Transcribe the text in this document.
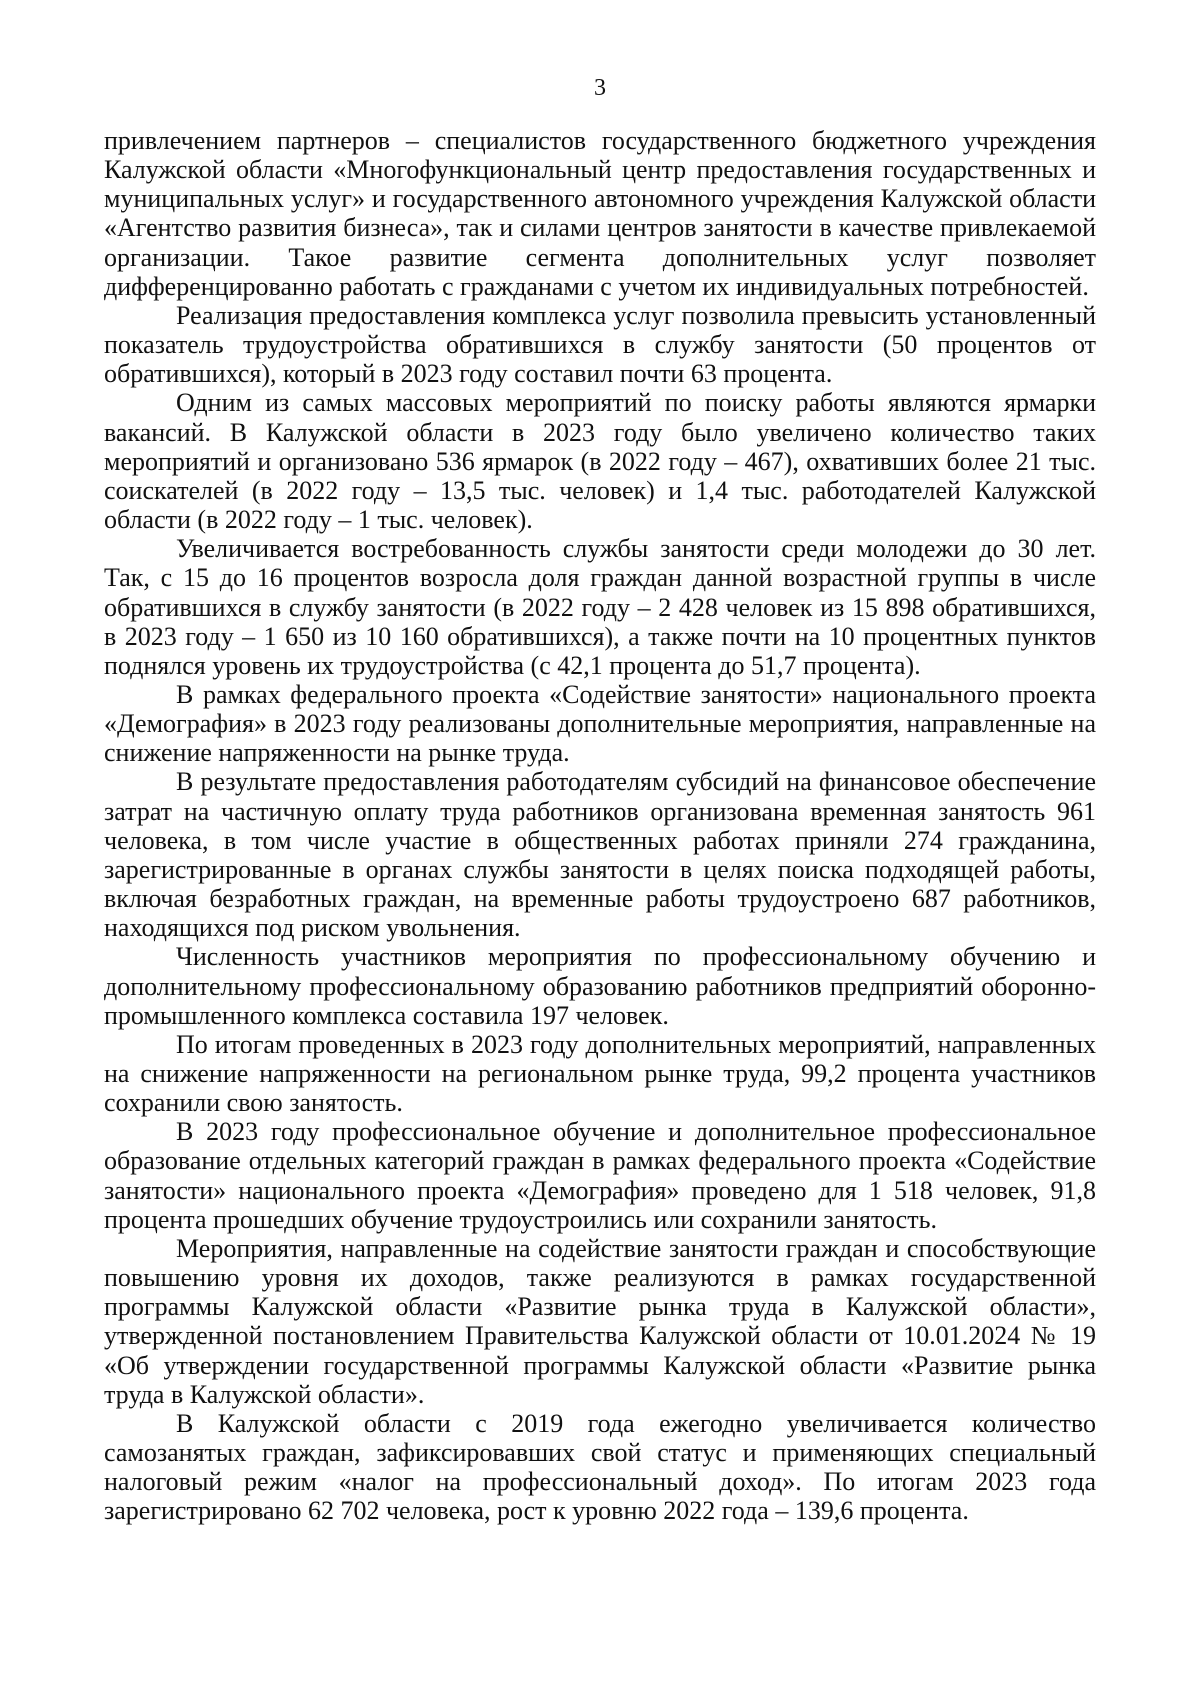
3

привлечением партнеров – специалистов государственного бюджетного учреждения Калужской области «Многофункциональный центр предоставления государственных и муниципальных услуг» и государственного автономного учреждения Калужской области «Агентство развития бизнеса», так и силами центров занятости в качестве привлекаемой организации. Такое развитие сегмента дополнительных услуг позволяет дифференцированно работать с гражданами с учетом их индивидуальных потребностей.

Реализация предоставления комплекса услуг позволила превысить установленный показатель трудоустройства обратившихся в службу занятости (50 процентов от обратившихся), который в 2023 году составил почти 63 процента.

Одним из самых массовых мероприятий по поиску работы являются ярмарки вакансий. В Калужской области в 2023 году было увеличено количество таких мероприятий и организовано 536 ярмарок (в 2022 году – 467), охвативших более 21 тыс. соискателей (в 2022 году – 13,5 тыс. человек) и 1,4 тыс. работодателей Калужской области (в 2022 году – 1 тыс. человек).

Увеличивается востребованность службы занятости среди молодежи до 30 лет. Так, с 15 до 16 процентов возросла доля граждан данной возрастной группы в числе обратившихся в службу занятости (в 2022 году – 2 428 человек из 15 898 обратившихся, в 2023 году – 1 650 из 10 160 обратившихся), а также почти на 10 процентных пунктов поднялся уровень их трудоустройства (с 42,1 процента до 51,7 процента).

В рамках федерального проекта «Содействие занятости» национального проекта «Демография» в 2023 году реализованы дополнительные мероприятия, направленные на снижение напряженности на рынке труда.

В результате предоставления работодателям субсидий на финансовое обеспечение затрат на частичную оплату труда работников организована временная занятость 961 человека, в том числе участие в общественных работах приняли 274 гражданина, зарегистрированные в органах службы занятости в целях поиска подходящей работы, включая безработных граждан, на временные работы трудоустроено 687 работников, находящихся под риском увольнения.

Численность участников мероприятия по профессиональному обучению и дополнительному профессиональному образованию работников предприятий оборонно-промышленного комплекса составила 197 человек.

По итогам проведенных в 2023 году дополнительных мероприятий, направленных на снижение напряженности на региональном рынке труда, 99,2 процента участников сохранили свою занятость.

В 2023 году профессиональное обучение и дополнительное профессиональное образование отдельных категорий граждан в рамках федерального проекта «Содействие занятости» национального проекта «Демография» проведено для 1 518 человек, 91,8 процента прошедших обучение трудоустроились или сохранили занятость.

Мероприятия, направленные на содействие занятости граждан и способствующие повышению уровня их доходов, также реализуются в рамках государственной программы Калужской области «Развитие рынка труда в Калужской области», утвержденной постановлением Правительства Калужской области от 10.01.2024 № 19 «Об утверждении государственной программы Калужской области «Развитие рынка труда в Калужской области».

В Калужской области с 2019 года ежегодно увеличивается количество самозанятых граждан, зафиксировавших свой статус и применяющих специальный налоговый режим «налог на профессиональный доход». По итогам 2023 года зарегистрировано 62 702 человека, рост к уровню 2022 года – 139,6 процента.
